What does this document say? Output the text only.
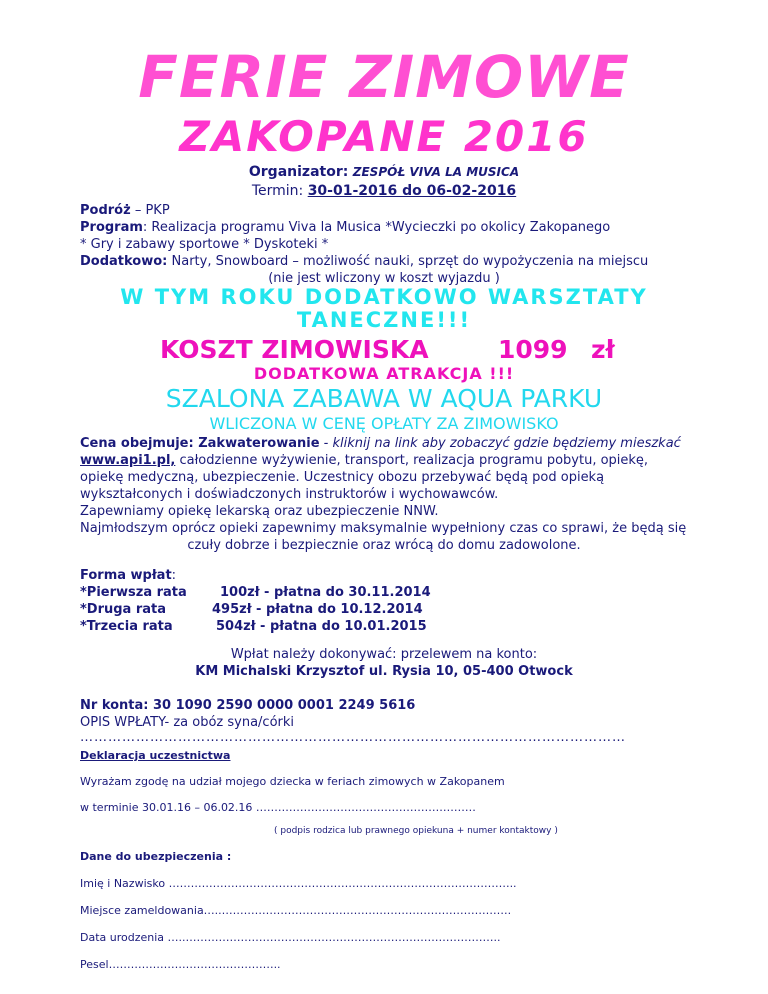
FERIE ZIMOWE
ZAKOPANE 2016
Organizator: ZESPÓŁ VIVA LA MUSICA
Termin: 30-01-2016 do 06-02-2016
Podróż – PKP
Program: Realizacja programu Viva la Musica *Wycieczki po okolicy Zakopanego
* Gry i zabawy sportowe * Dyskoteki *
Dodatkowo: Narty, Snowboard – możliwość nauki, sprzęt do wypożyczenia na miejscu
(nie jest wliczony w koszt wyjazdu )
W TYM ROKU DODATKOWO WARSZTATY
TANECZNE!!!
KOSZT ZIMOWISKA	1099 zł
DODATKOWA ATRAKCJA !!!
SZALONA ZABAWA W AQUA PARKU
WLICZONA W CENĘ OPŁATY ZA ZIMOWISKO
Cena obejmuje: Zakwaterowanie - kliknij na link aby zobaczyć gdzie będziemy mieszkać
www.api1.pl, całodzienne wyżywienie, transport, realizacja programu pobytu, opiekę,
opiekę medyczną, ubezpieczenie. Uczestnicy obozu przebywać będą pod opieką
wykształconych i doświadczonych instruktorów i wychowawców.
Zapewniamy opiekę lekarską oraz ubezpieczenie NNW.
Najmłodszym oprócz opieki zapewnimy maksymalnie wypełniony czas co sprawi, że będą się
czuły dobrze i bezpiecznie oraz wrócą do domu zadowolone.
Forma wpłat:
*Pierwsza rata	100zł - płatna do 30.11.2014
*Druga rata	495zł - płatna do 10.12.2014
*Trzecia rata	504zł - płatna do 10.01.2015
Wpłat należy dokonywać: przelewem na konto:
KM Michalski Krzysztof ul. Rysia 10, 05-400 Otwock
Nr konta: 30 1090 2590 0000 0001 2249 5616
OPIS WPŁATY- za obóz syna/córki
………………………………………………………………………………………………………
Deklaracja uczestnictwa
Wyrażam zgodę na udział mojego dziecka w feriach zimowych w Zakopanem
w terminie 30.01.16 – 06.02.16 ……………………………………………………
( podpis rodzica lub prawnego opiekuna + numer kontaktowy )
Dane do ubezpieczenia :
Imię i Nazwisko …………………………………………………………………………………..
Miejsce zameldowania…..…………………………………………………………………….
Data urodzenia …..…………………………………………………………………………..
Pesel………………………………………..
